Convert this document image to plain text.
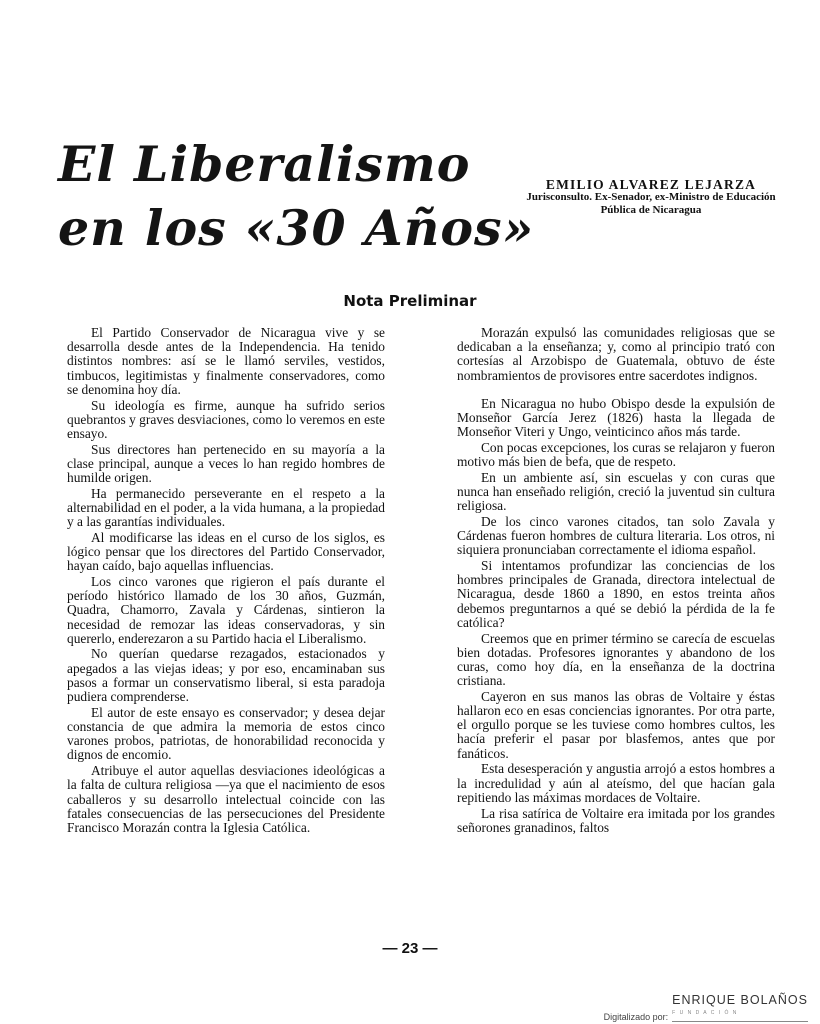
El Liberalismo
en los «30 Años»
EMILIO ALVAREZ LEJARZA
Jurisconsulto. Ex-Senador, ex-Ministro de Educación Pública de Nicaragua
Nota Preliminar

El Partido Conservador de Nicaragua vive y se desarrolla desde antes de la Independencia. Ha tenido distintos nombres: así se le llamó serviles, vestidos, timbucos, legitimistas y finalmente conservadores, como se denomina hoy día.

Su ideología es firme, aunque ha sufrido serios quebrantos y graves desviaciones, como lo veremos en este ensayo.

Sus directores han pertenecido en su mayoría a la clase principal, aunque a veces lo han regido hombres de humilde origen.

Ha permanecido perseverante en el respeto a la alternabilidad en el poder, a la vida humana, a la propiedad y a las garantías individuales.

Al modificarse las ideas en el curso de los siglos, es lógico pensar que los directores del Partido Conservador, hayan caído, bajo aquellas influencias.

Los cinco varones que rigieron el país durante el período histórico llamado de los 30 años, Guzmán, Quadra, Chamorro, Zavala y Cárdenas, sintieron la necesidad de remozar las ideas conservadoras, y sin quererlo, enderezaron a su Partido hacia el Liberalismo.

No querían quedarse rezagados, estacionados y apegados a las viejas ideas; y por eso, encaminaban sus pasos a formar un conservatismo liberal, si esta paradoja pudiera comprenderse.

El autor de este ensayo es conservador; y desea dejar constancia de que admira la memoria de estos cinco varones probos, patriotas, de honorabilidad reconocida y dignos de encomio.

Atribuye el autor aquellas desviaciones ideológicas a la falta de cultura religiosa —ya que el nacimiento de esos caballeros y su desarrollo intelectual coincide con las fatales consecuencias de las persecuciones del Presidente Francisco Morazán contra la Iglesia Católica.

Morazán expulsó las comunidades religiosas que se dedicaban a la enseñanza; y, como al principio trató con cortesías al Arzobispo de Guatemala, obtuvo de éste nombramientos de provisores entre sacerdotes indignos.

En Nicaragua no hubo Obispo desde la expulsión de Monseñor García Jerez (1826) hasta la llegada de Monseñor Viteri y Ungo, veinticinco años más tarde.

Con pocas excepciones, los curas se relajaron y fueron motivo más bien de befa, que de respeto.

En un ambiente así, sin escuelas y con curas que nunca han enseñado religión, creció la juventud sin cultura religiosa.

De los cinco varones citados, tan solo Zavala y Cárdenas fueron hombres de cultura literaria. Los otros, ni siquiera pronunciaban correctamente el idioma español.

Si intentamos profundizar las conciencias de los hombres principales de Granada, directora intelectual de Nicaragua, desde 1860 a 1890, en estos treinta años debemos preguntarnos a qué se debió la pérdida de la fe católica?

Creemos que en primer término se carecía de escuelas bien dotadas. Profesores ignorantes y abandono de los curas, como hoy día, en la enseñanza de la doctrina cristiana.

Cayeron en sus manos las obras de Voltaire y éstas hallaron eco en esas conciencias ignorantes. Por otra parte, el orgullo porque se les tuviese como hombres cultos, les hacía preferir el pasar por blasfemos, antes que por fanáticos.

Esta desesperación y angustia arrojó a estos hombres a la incredulidad y aún al ateísmo, del que hacían gala repitiendo las máximas mordaces de Voltaire.

La risa satírica de Voltaire era imitada por los grandes señorones granadinos, faltos

— 23 —
Digitalizado por:
ENRIQUE BOLAÑOS
F U N D A C I Ó N
